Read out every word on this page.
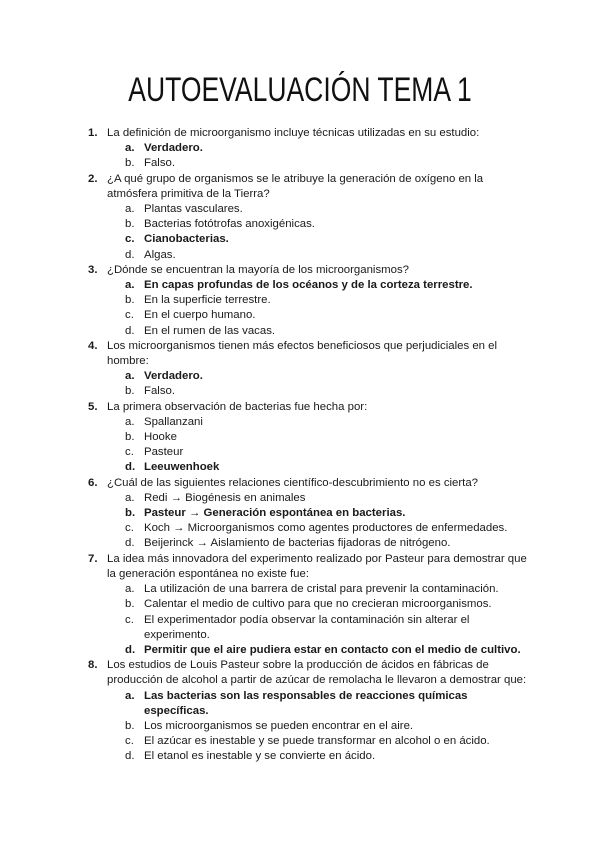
AUTOEVALUACIÓN TEMA 1
1. La definición de microorganismo incluye técnicas utilizadas en su estudio:
a. Verdadero.
b. Falso.
2. ¿A qué grupo de organismos se le atribuye la generación de oxígeno en la atmósfera primitiva de la Tierra?
a. Plantas vasculares.
b. Bacterias fotótrofas anoxigénicas.
c. Cianobacterias.
d. Algas.
3. ¿Dónde se encuentran la mayoría de los microorganismos?
a. En capas profundas de los océanos y de la corteza terrestre.
b. En la superficie terrestre.
c. En el cuerpo humano.
d. En el rumen de las vacas.
4. Los microorganismos tienen más efectos beneficiosos que perjudiciales en el hombre:
a. Verdadero.
b. Falso.
5. La primera observación de bacterias fue hecha por:
a. Spallanzani
b. Hooke
c. Pasteur
d. Leeuwenhoek
6. ¿Cuál de las siguientes relaciones científico-descubrimiento no es cierta?
a. Redi → Biogénesis en animales
b. Pasteur → Generación espontánea en bacterias.
c. Koch → Microorganismos como agentes productores de enfermedades.
d. Beijerinck → Aislamiento de bacterias fijadoras de nitrógeno.
7. La idea más innovadora del experimento realizado por Pasteur para demostrar que la generación espontánea no existe fue:
a. La utilización de una barrera de cristal para prevenir la contaminación.
b. Calentar el medio de cultivo para que no crecieran microorganismos.
c. El experimentador podía observar la contaminación sin alterar el experimento.
d. Permitir que el aire pudiera estar en contacto con el medio de cultivo.
8. Los estudios de Louis Pasteur sobre la producción de ácidos en fábricas de producción de alcohol a partir de azúcar de remolacha le llevaron a demostrar que:
a. Las bacterias son las responsables de reacciones químicas específicas.
b. Los microorganismos se pueden encontrar en el aire.
c. El azúcar es inestable y se puede transformar en alcohol o en ácido.
d. El etanol es inestable y se convierte en ácido.
